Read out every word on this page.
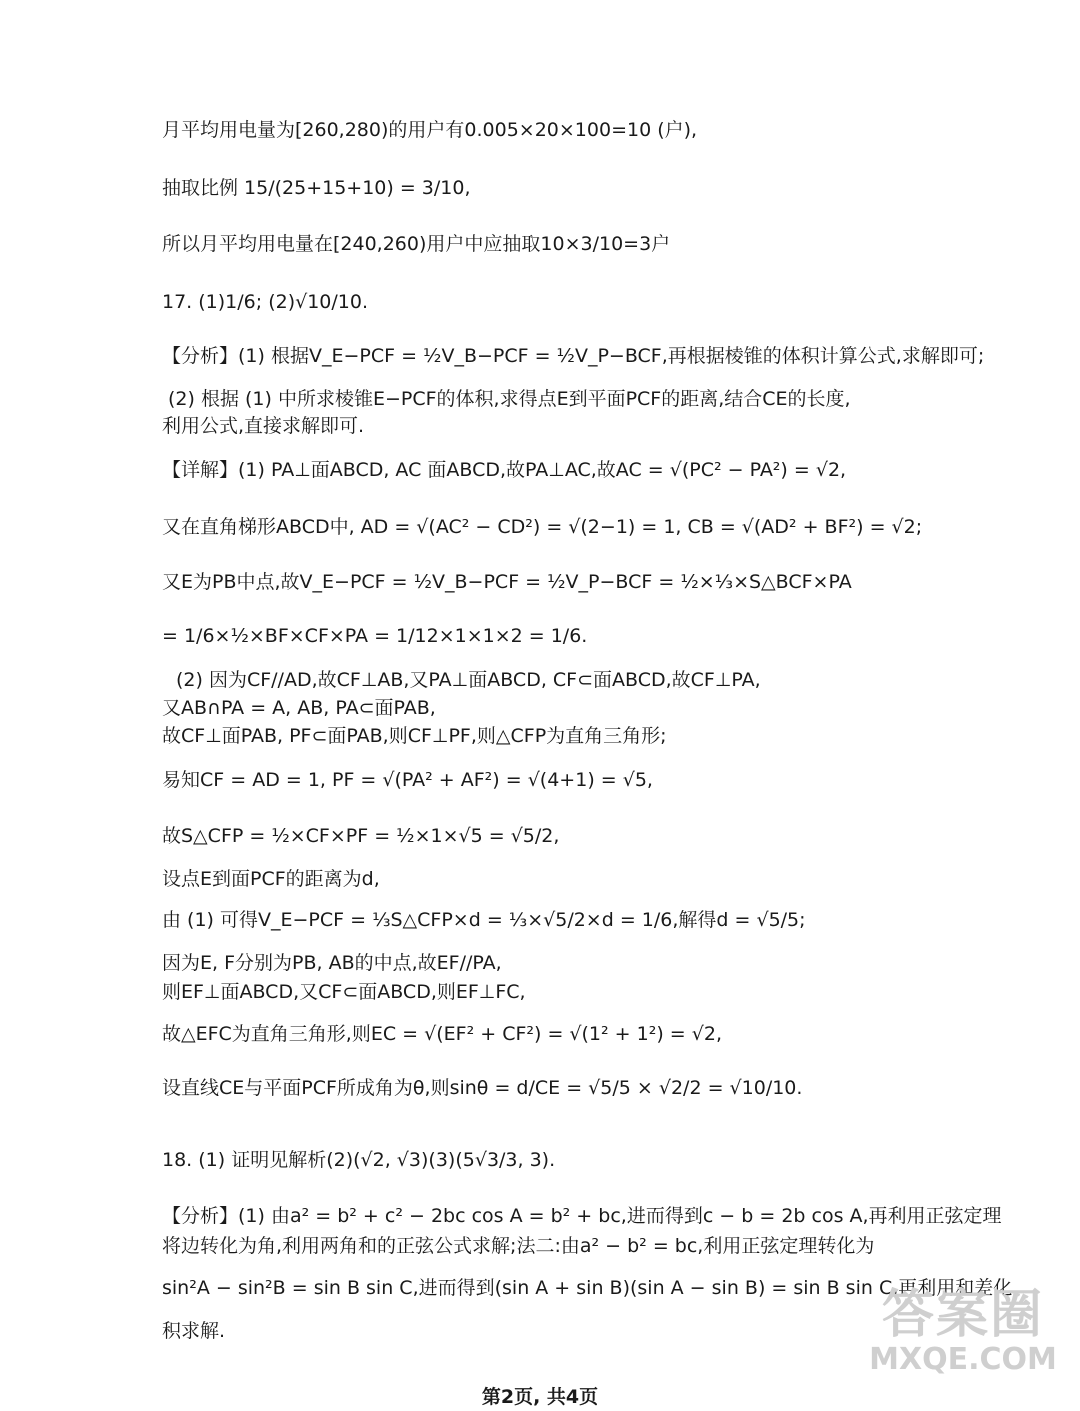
月平均用电量为[260,280)的用户有0.005×20×100=10 (户),
抽取比例 15/(25+15+10) = 3/10,
所以月平均用电量在[240,260)用户中应抽取10×3/10=3户
17. (1)1/6; (2)√10/10.
【分析】(1) 根据V_E−PCF = ½V_B−PCF = ½V_P−BCF,再根据棱锥的体积计算公式,求解即可;
(2) 根据 (1) 中所求棱锥E−PCF的体积,求得点E到平面PCF的距离,结合CE的长度,
利用公式,直接求解即可.
【详解】(1) PA⊥面ABCD, AC 面ABCD,故PA⊥AC,故AC = √(PC² − PA²) = √2,
又在直角梯形ABCD中, AD = √(AC² − CD²) = √(2−1) = 1, CB = √(AD² + BF²) = √2;
又E为PB中点,故V_E−PCF = ½V_B−PCF = ½V_P−BCF = ½×⅓×S△BCF×PA
= 1/6×½×BF×CF×PA = 1/12×1×1×2 = 1/6.
(2) 因为CF//AD,故CF⊥AB,又PA⊥面ABCD, CF⊂面ABCD,故CF⊥PA,
又AB∩PA = A, AB, PA⊂面PAB,
故CF⊥面PAB, PF⊂面PAB,则CF⊥PF,则△CFP为直角三角形;
易知CF = AD = 1, PF = √(PA² + AF²) = √(4+1) = √5,
故S△CFP = ½×CF×PF = ½×1×√5 = √5/2,
设点E到面PCF的距离为d,
由 (1) 可得V_E−PCF = ⅓S△CFP×d = ⅓×√5/2×d = 1/6,解得d = √5/5;
因为E, F分别为PB, AB的中点,故EF//PA,
则EF⊥面ABCD,又CF⊂面ABCD,则EF⊥FC,
故△EFC为直角三角形,则EC = √(EF² + CF²) = √(1² + 1²) = √2,
设直线CE与平面PCF所成角为θ,则sinθ = d/CE = √5/5 × √2/2 = √10/10.
18. (1) 证明见解析(2)(√2, √3)(3)(5√3/3, 3).
【分析】(1) 由a² = b² + c² − 2bc cos A = b² + bc,进而得到c − b = 2b cos A,再利用正弦定理
将边转化为角,利用两角和的正弦公式求解;法二:由a² − b² = bc,利用正弦定理转化为
sin²A − sin²B = sin B sin C,进而得到(sin A + sin B)(sin A − sin B) = sin B sin C,再利用和差化
积求解.
第2页, 共4页
答案圈
MXQE.COM
